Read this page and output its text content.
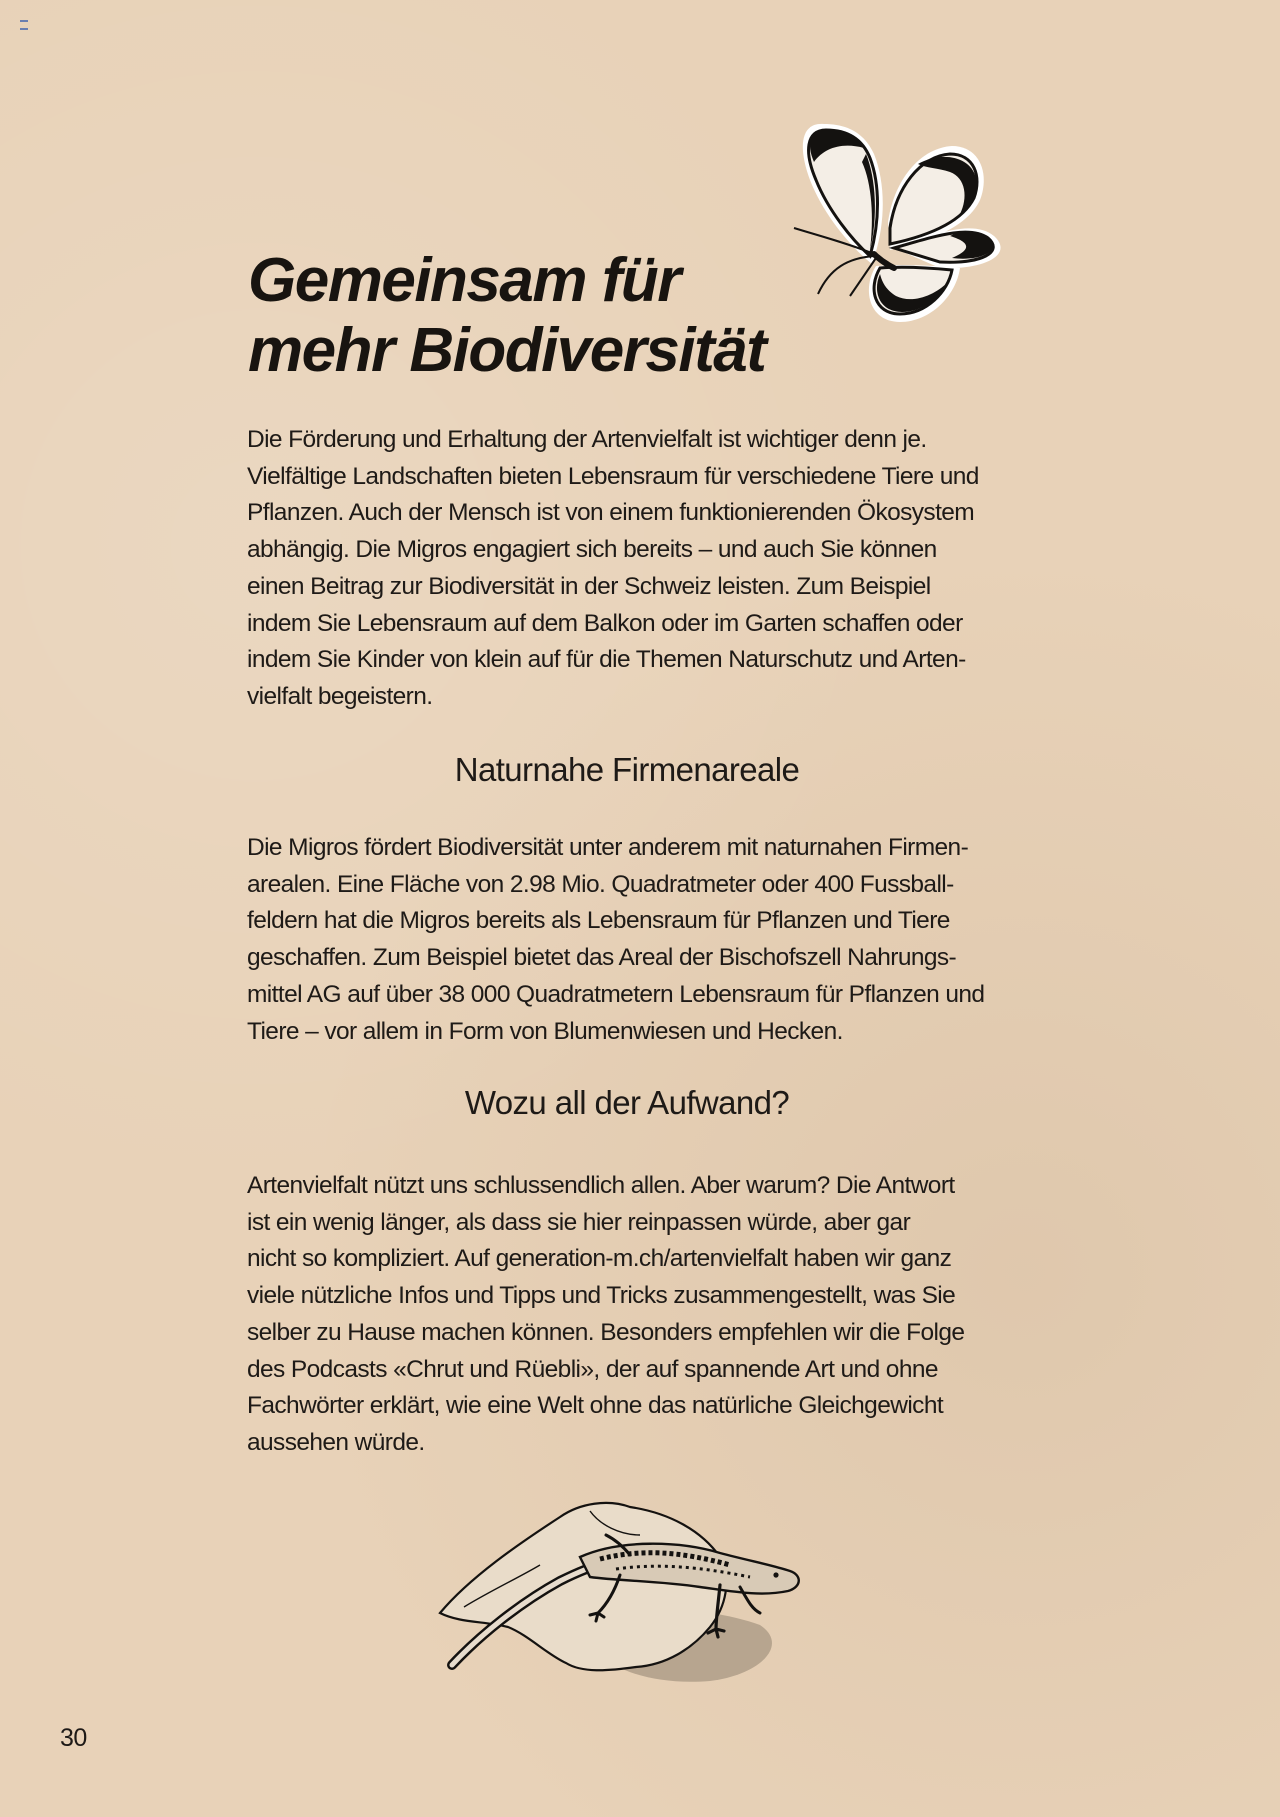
Gemeinsam für
mehr Biodiversität

Die Förderung und Erhaltung der Artenvielfalt ist wichtiger denn je.
Vielfältige Landschaften bieten Lebensraum für verschiedene Tiere und
Pflanzen. Auch der Mensch ist von einem funktionierenden Ökosystem
abhängig. Die Migros engagiert sich bereits – und auch Sie können
einen Beitrag zur Biodiversität in der Schweiz leisten. Zum Beispiel
indem Sie Lebensraum auf dem Balkon oder im Garten schaffen oder
indem Sie Kinder von klein auf für die Themen Naturschutz und Arten-
vielfalt begeistern.

Naturnahe Firmenareale

Die Migros fördert Biodiversität unter anderem mit naturnahen Firmen-
arealen. Eine Fläche von 2.98 Mio. Quadratmeter oder 400 Fussball-
feldern hat die Migros bereits als Lebensraum für Pflanzen und Tiere
geschaffen. Zum Beispiel bietet das Areal der Bischofszell Nahrungs-
mittel AG auf über 38 000 Quadratmetern Lebensraum für Pflanzen und
Tiere – vor allem in Form von Blumenwiesen und Hecken.

Wozu all der Aufwand?

Artenvielfalt nützt uns schlussendlich allen. Aber warum? Die Antwort
ist ein wenig länger, als dass sie hier reinpassen würde, aber gar
nicht so kompliziert. Auf generation-m.ch/artenvielfalt haben wir ganz
viele nützliche Infos und Tipps und Tricks zusammengestellt, was Sie
selber zu Hause machen können. Besonders empfehlen wir die Folge
des Podcasts «Chrut und Rüebli», der auf spannende Art und ohne
Fachwörter erklärt, wie eine Welt ohne das natürliche Gleichgewicht
aussehen würde.

30
